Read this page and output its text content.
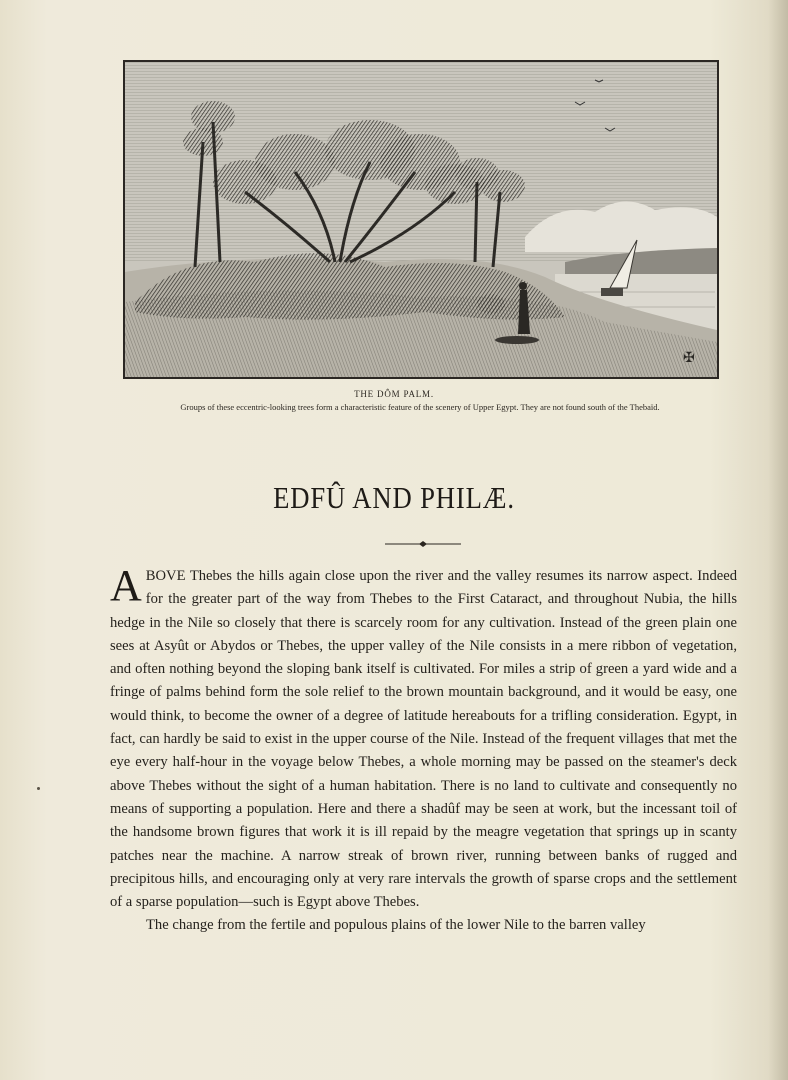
✠
THE DÔM PALM.
Groups of these eccentric-looking trees form a characteristic feature of the scenery of Upper Egypt. They are not found south of the Thebaïd.
EDFÛ AND PHILÆ.

ABOVE Thebes the hills again close upon the river and the valley resumes its narrow aspect. Indeed for the greater part of the way from Thebes to the First Cataract, and throughout Nubia, the hills hedge in the Nile so closely that there is scarcely room for any cultivation. Instead of the green plain one sees at Asyût or Abydos or Thebes, the upper valley of the Nile consists in a mere ribbon of vegetation, and often nothing beyond the sloping bank itself is cultivated. For miles a strip of green a yard wide and a fringe of palms behind form the sole relief to the brown mountain background, and it would be easy, one would think, to become the owner of a degree of latitude hereabouts for a trifling consideration. Egypt, in fact, can hardly be said to exist in the upper course of the Nile. Instead of the frequent villages that met the eye every half-hour in the voyage below Thebes, a whole morning may be passed on the steamer's deck above Thebes without the sight of a human habitation. There is no land to cultivate and consequently no means of supporting a population. Here and there a shadûf may be seen at work, but the incessant toil of the handsome brown figures that work it is ill repaid by the meagre vegetation that springs up in scanty patches near the machine. A narrow streak of brown river, running between banks of rugged and precipitous hills, and encouraging only at very rare intervals the growth of sparse crops and the settlement of a sparse population—such is Egypt above Thebes.

The change from the fertile and populous plains of the lower Nile to the barren valley
